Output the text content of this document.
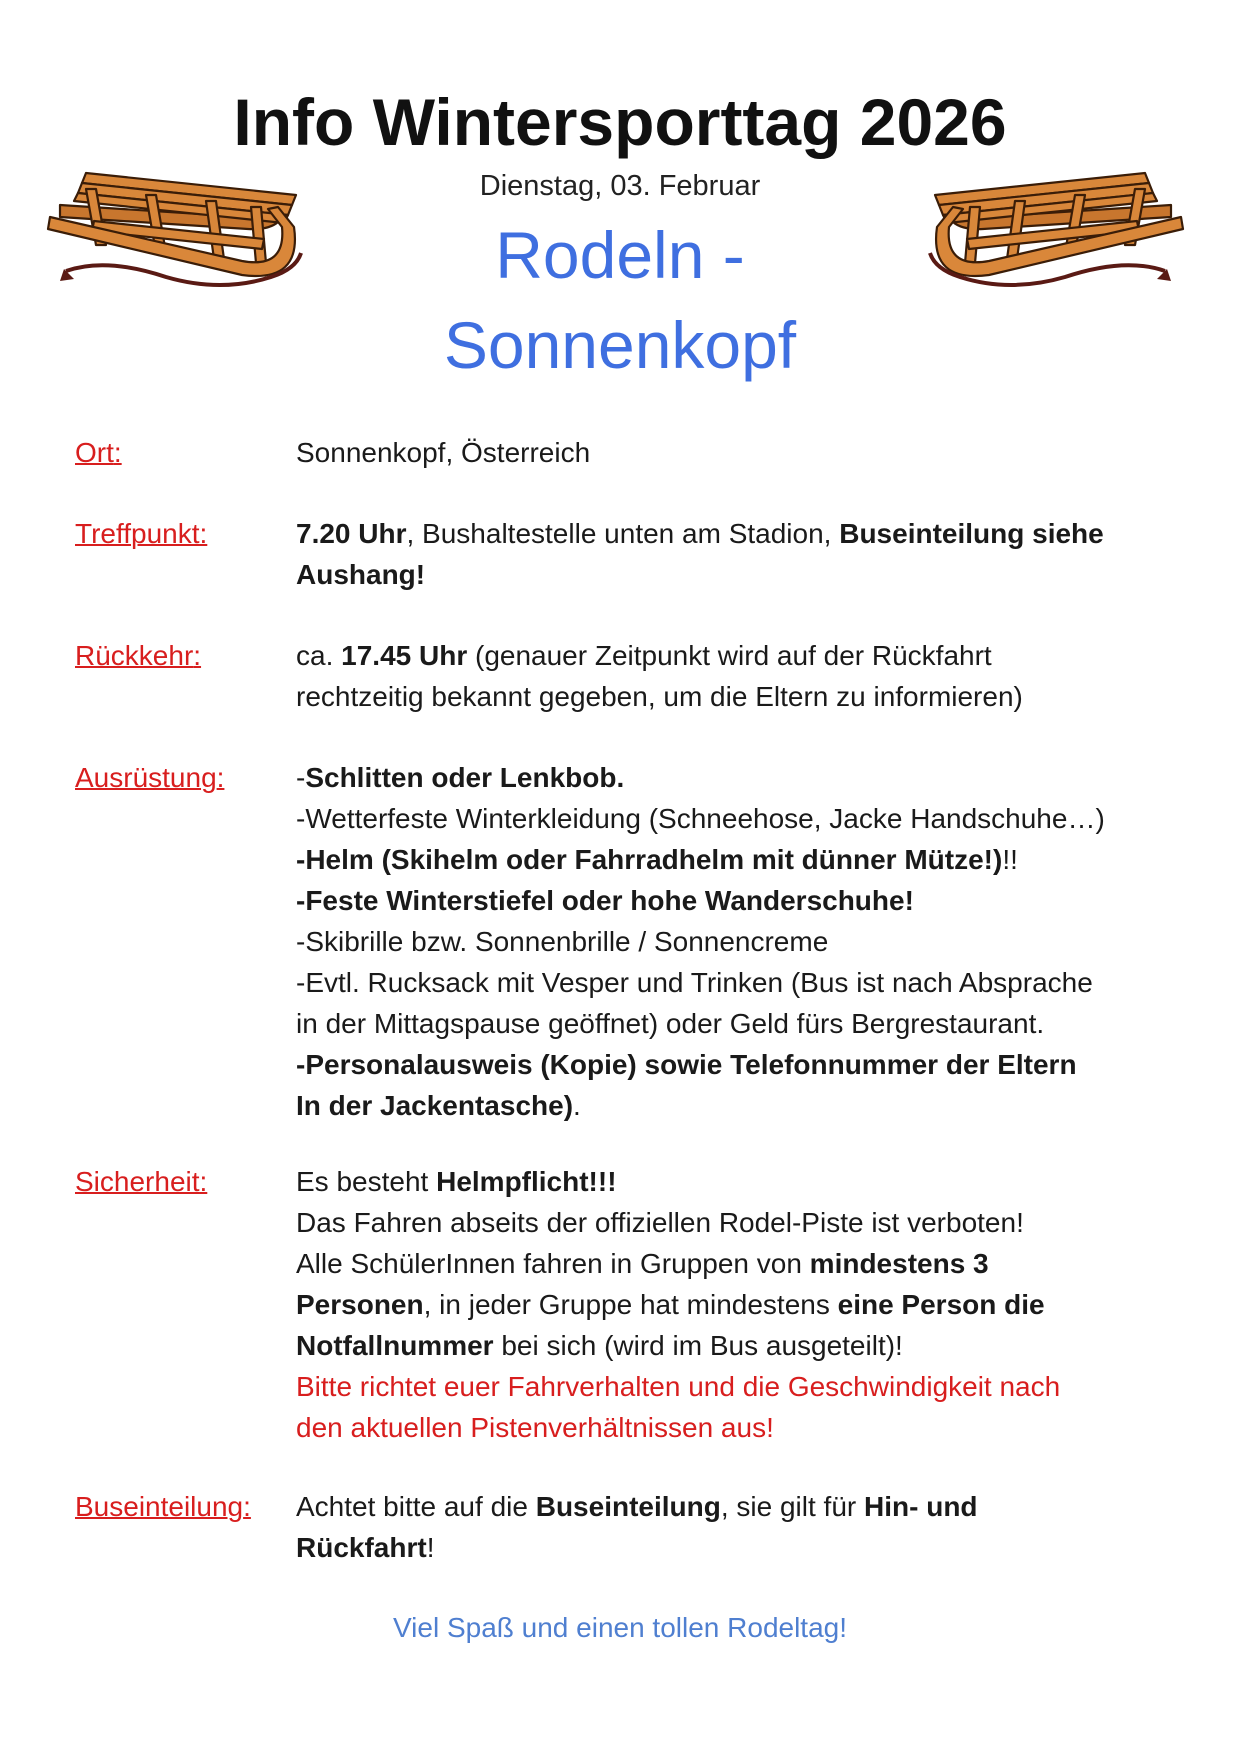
Info Wintersporttag 2026
Dienstag, 03. Februar
Rodeln -
Sonnenkopf
Ort:	Sonnenkopf, Österreich
Treffpunkt:	7.20 Uhr, Bushaltestelle unten am Stadion, Buseinteilung siehe
Aushang!
Rückkehr:	ca. 17.45 Uhr (genauer Zeitpunkt wird auf der Rückfahrt
rechtzeitig bekannt gegeben, um die Eltern zu informieren)
Ausrüstung:	-Schlitten oder Lenkbob.
-Wetterfeste Winterkleidung (Schneehose, Jacke Handschuhe…)
-Helm (Skihelm oder Fahrradhelm mit dünner Mütze!)!!
-Feste Winterstiefel oder hohe Wanderschuhe!
-Skibrille bzw. Sonnenbrille / Sonnencreme
-Evtl. Rucksack mit Vesper und Trinken (Bus ist nach Absprache
in der Mittagspause geöffnet) oder Geld fürs Bergrestaurant.
-Personalausweis (Kopie) sowie Telefonnummer der Eltern
In der Jackentasche).
Sicherheit:	Es besteht Helmpflicht!!!
Das Fahren abseits der offiziellen Rodel-Piste ist verboten!
Alle SchülerInnen fahren in Gruppen von mindestens 3
Personen, in jeder Gruppe hat mindestens eine Person die
Notfallnummer bei sich (wird im Bus ausgeteilt)!
Bitte richtet euer Fahrverhalten und die Geschwindigkeit nach
den aktuellen Pistenverhältnissen aus!
Buseinteilung: Achtet bitte auf die Buseinteilung, sie gilt für Hin- und
Rückfahrt!
Viel Spaß und einen tollen Rodeltag!
